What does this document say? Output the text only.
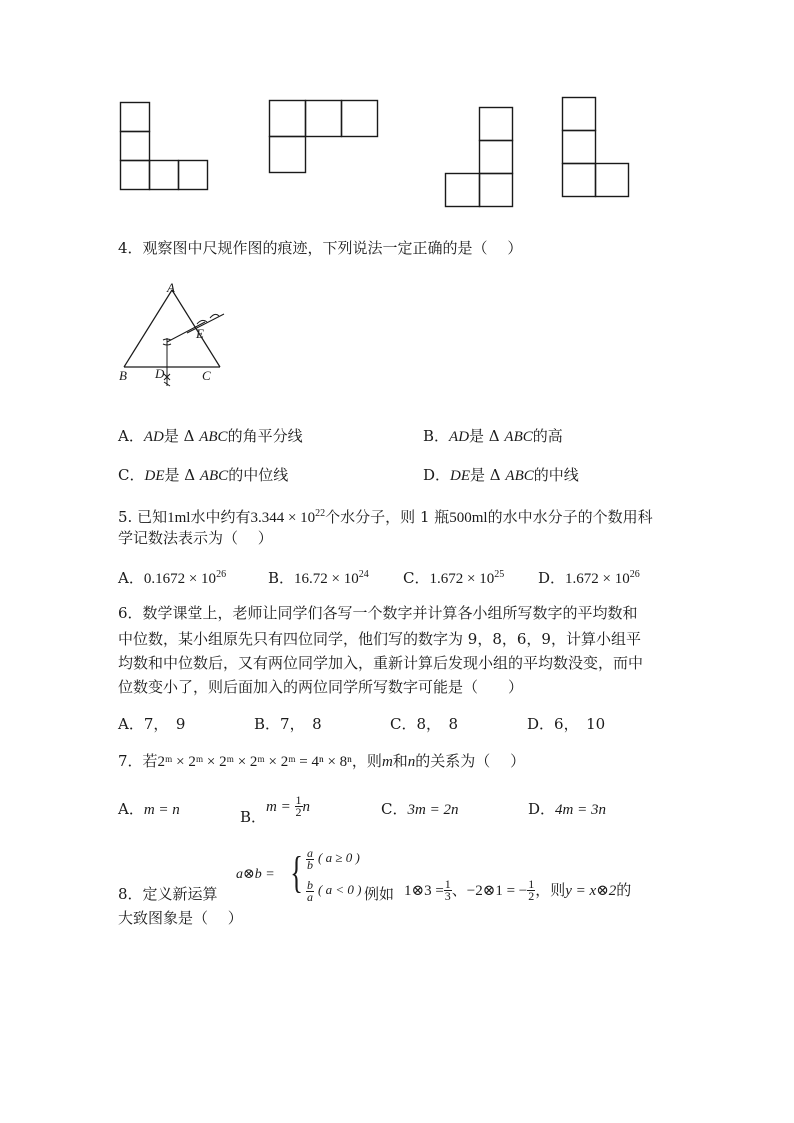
4．观察图中尺规作图的痕迹，下列说法一定正确的是（　 ）
A
E
B D	C
A．AD是 Δ ABC的角平分线	B．AD是 Δ ABC的高
C．DE是 Δ ABC的中位线	D．DE是 Δ ABC的中线
5. 已知1ml水中约有$3.344 \times 10^{22}$个水分子，则 1 瓶500ml的水中水分子的个数用科
学记数法表示为（　 ）
A．$0.1672 \times 10^{26}$	B．$16.72 \times 10^{24}$ C．$1.672 \times 10^{25}$ D．$1.672 \times 10^{26}$
6．数学课堂上，老师让同学们各写一个数字并计算各小组所写数字的平均数和
中位数，某小组原先只有四位同学，他们写的数字为 9，8，6，9，计算小组平
均数和中位数后，又有两位同学加入，重新计算后发现小组的平均数没变，而中
位数变小了，则后面加入的两位同学所写数字可能是（　　）
A．7，　9	B．7，　8	C．8，　8	D．6，　10
7．若2ᵐ × 2ᵐ × 2ᵐ × 2ᵐ × 2ᵐ = 4ⁿ × 8ⁿ，则m和n的关系为（　 ）
A．m = n	B．$m = \frac{1}{2}$ n	C．3m = 2n	D．4m = 3n
8．定义新运算
a⊗b = { $\frac{a}{b}$ ( a ≥ 0 )
$\frac{b}{a}$ ( a < 0 ) 例如 1⊗3 = $\frac{1}{3}$ 、−2⊗1 = − $\frac{1}{2}$ ，则y = x⊗2的
大致图象是（　 ）
